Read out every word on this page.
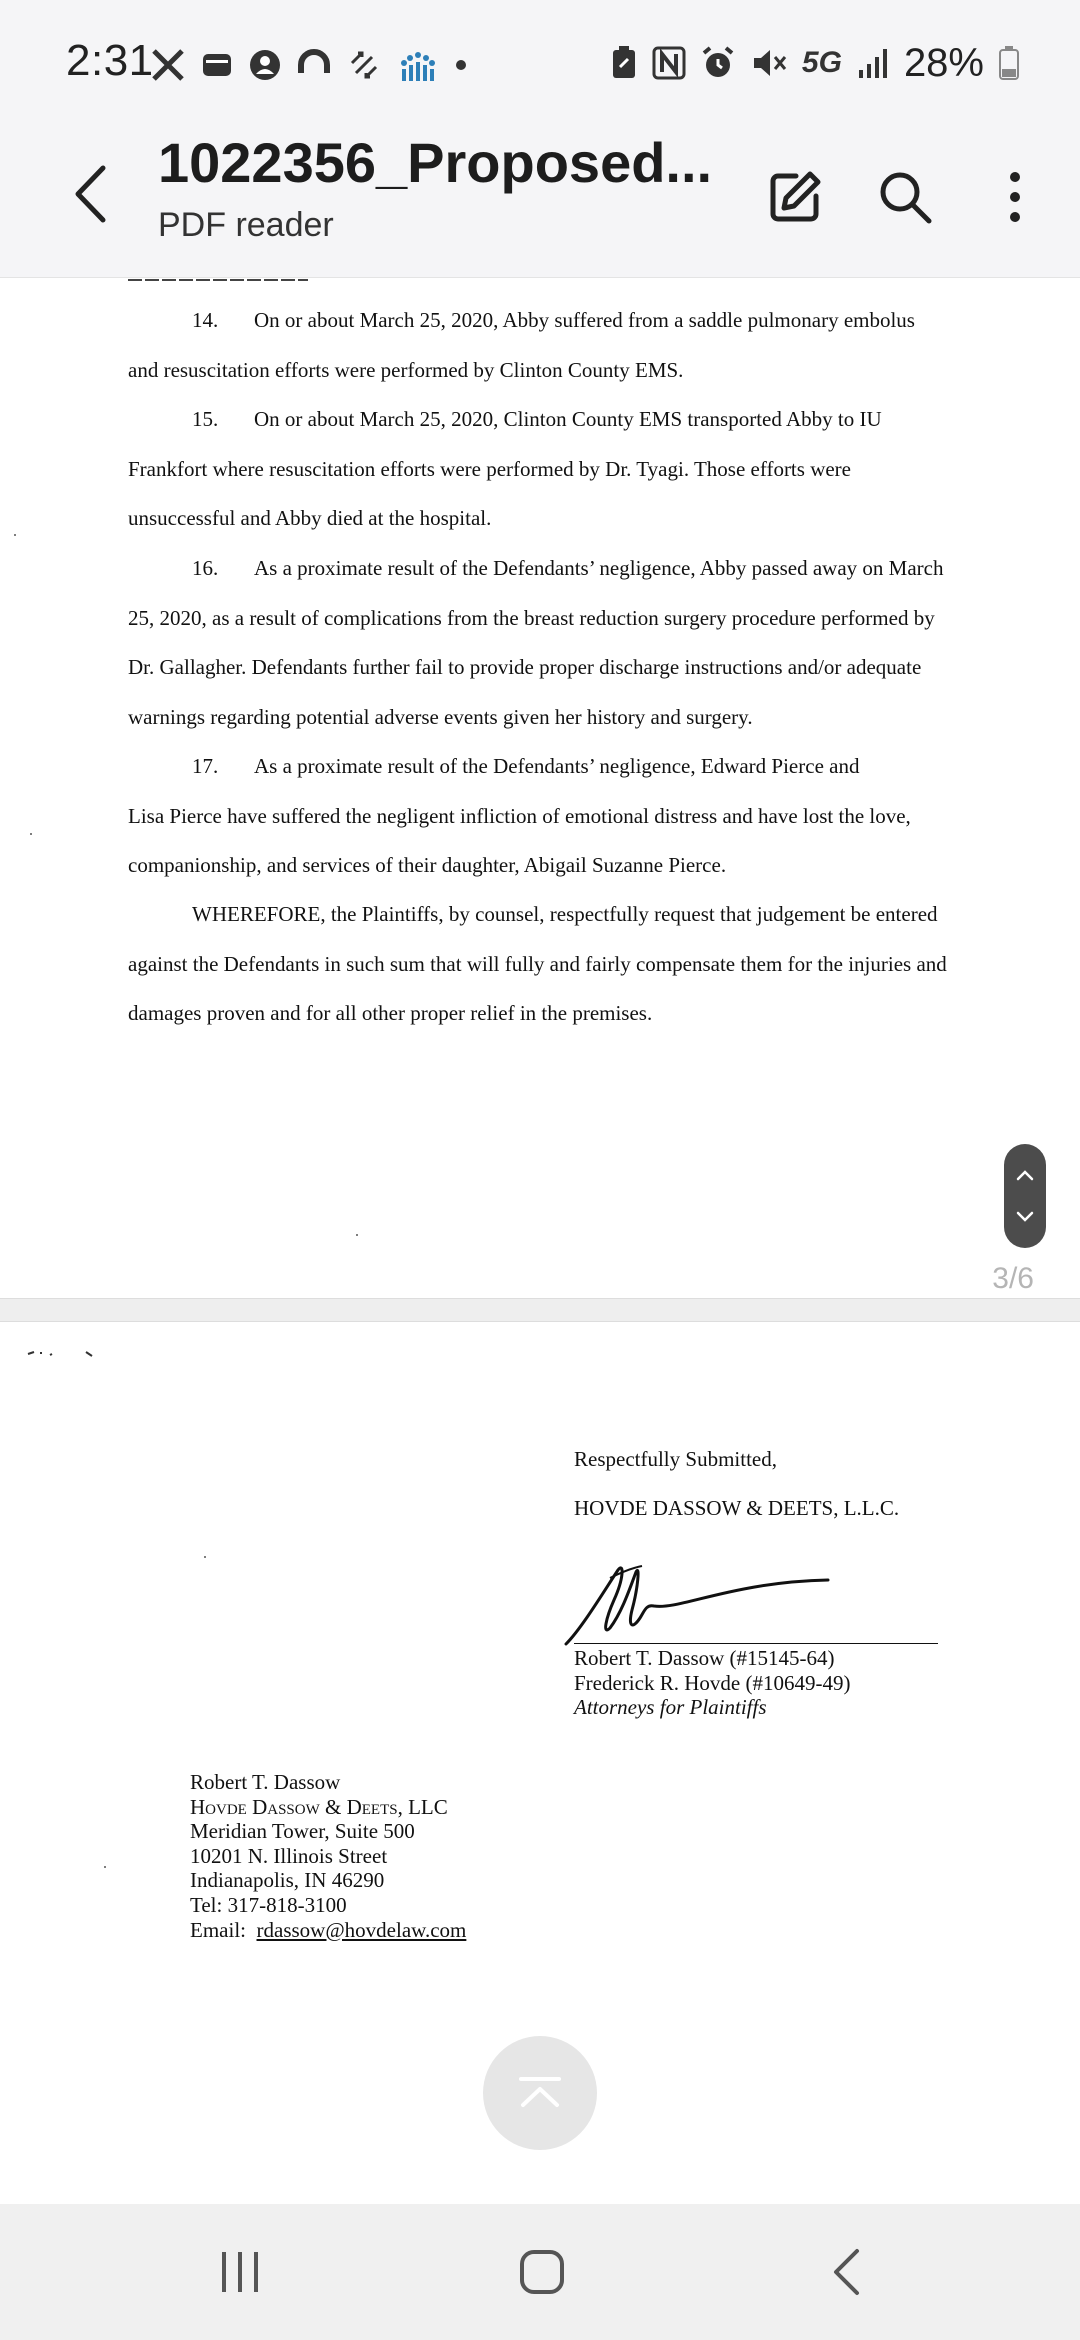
2:31	5G 28%
1022356_Proposed...
PDF reader
14. On or about March 25, 2020, Abby suffered from a saddle pulmonary embolus
and resuscitation efforts were performed by Clinton County EMS.
15. On or about March 25, 2020, Clinton County EMS transported Abby to IU
Frankfort where resuscitation efforts were performed by Dr. Tyagi. Those efforts were
unsuccessful and Abby died at the hospital.
16. As a proximate result of the Defendants’ negligence, Abby passed away on March
25, 2020, as a result of complications from the breast reduction surgery procedure performed by
Dr. Gallagher. Defendants further fail to provide proper discharge instructions and/or adequate
warnings regarding potential adverse events given her history and surgery.
17. As a proximate result of the Defendants’ negligence, Edward Pierce and
Lisa Pierce have suffered the negligent infliction of emotional distress and have lost the love,
companionship, and services of their daughter, Abigail Suzanne Pierce.
WHEREFORE, the Plaintiffs, by counsel, respectfully request that judgement be entered
against the Defendants in such sum that will fully and fairly compensate them for the injuries and
damages proven and for all other proper relief in the premises.
3/6
Respectfully Submitted,
HOVDE DASSOW & DEETS, L.L.C.
Robert T. Dassow (#15145-64)
Frederick R. Hovde (#10649-49)
Attorneys for Plaintiffs
Robert T. Dassow
Hovde Dassow & Deets, LLC
Meridian Tower, Suite 500
10201 N. Illinois Street
Indianapolis, IN 46290
Tel: 317-818-3100
Email: rdassow@hovdelaw.com
